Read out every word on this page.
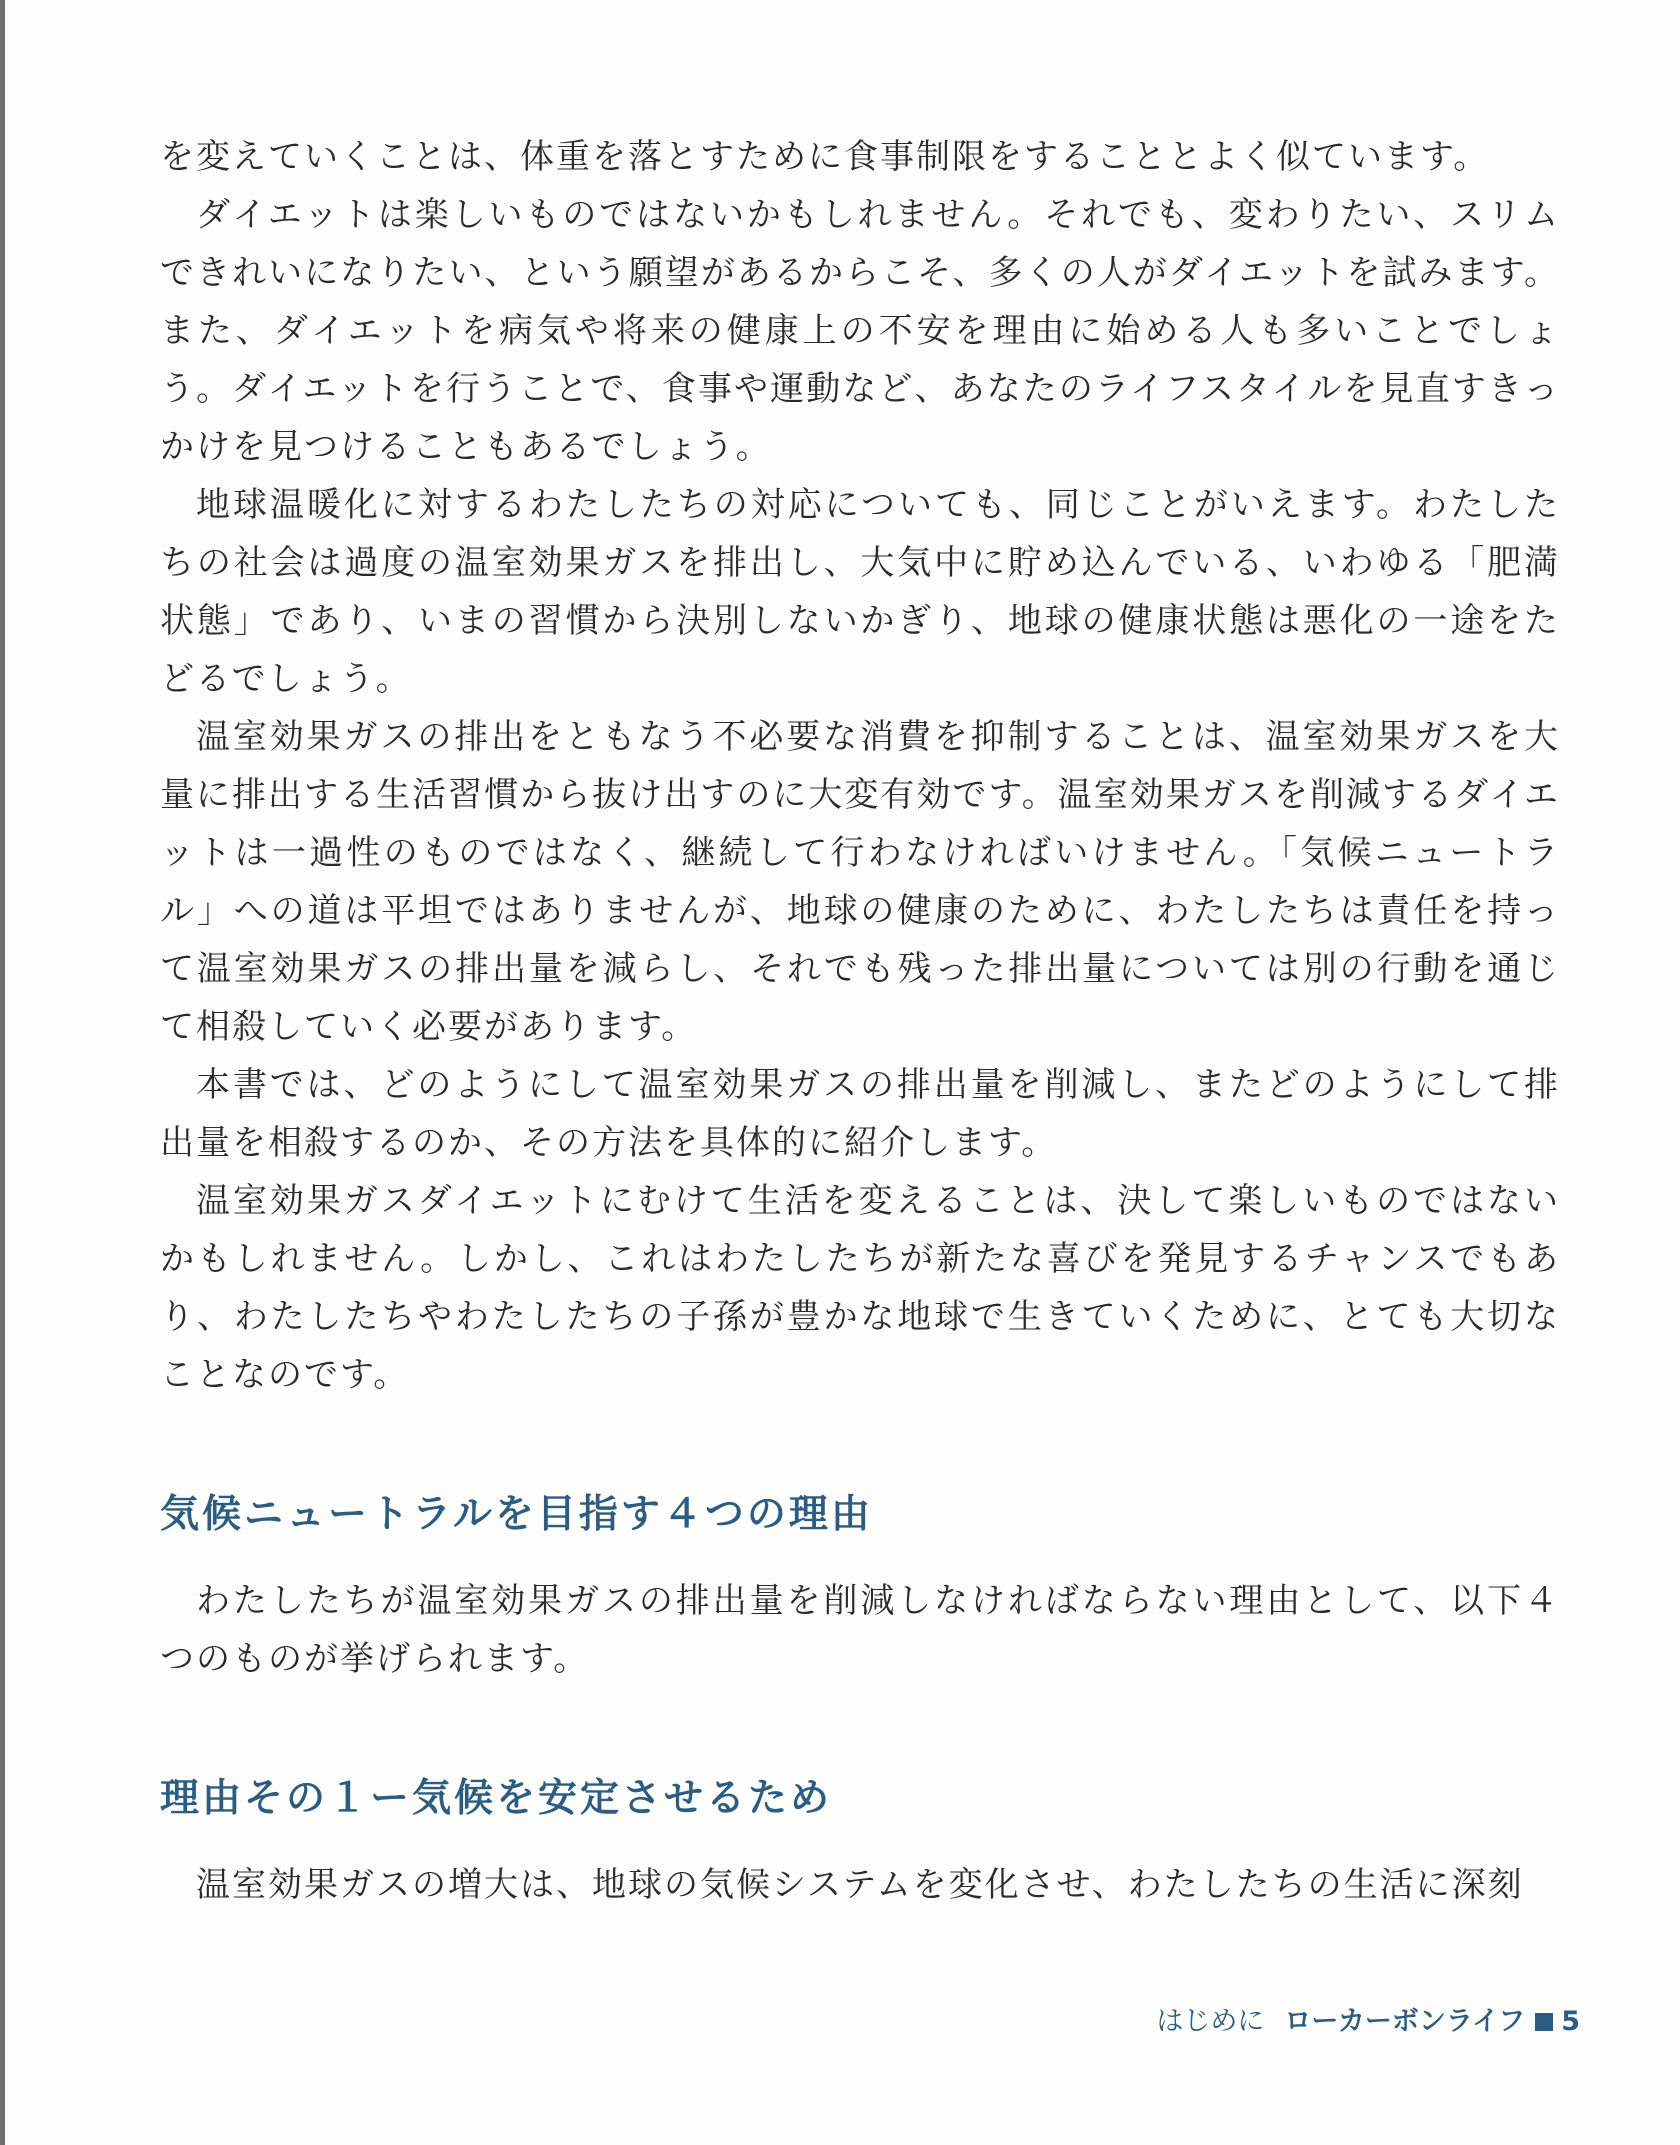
を変えていくことは、体重を落とすために食事制限をすることとよく似ています。

ダイエットは楽しいものではないかもしれません。それでも、変わりたい、スリムできれいになりたい、という願望があるからこそ、多くの人がダイエットを試みます。また、ダイエットを病気や将来の健康上の不安を理由に始める人も多いことでしょう。ダイエットを行うことで、食事や運動など、あなたのライフスタイルを見直すきっかけを見つけることもあるでしょう。

地球温暖化に対するわたしたちの対応についても、同じことがいえます。わたしたちの社会は過度の温室効果ガスを排出し、大気中に貯め込んでいる、いわゆる「肥満状態」であり、いまの習慣から決別しないかぎり、地球の健康状態は悪化の一途をたどるでしょう。

温室効果ガスの排出をともなう不必要な消費を抑制することは、温室効果ガスを大量に排出する生活習慣から抜け出すのに大変有効です。温室効果ガスを削減するダイエットは一過性のものではなく、継続して行わなければいけません。「気候ニュートラル」への道は平坦ではありませんが、地球の健康のために、わたしたちは責任を持って温室効果ガスの排出量を減らし、それでも残った排出量については別の行動を通じて相殺していく必要があります。

本書では、どのようにして温室効果ガスの排出量を削減し、またどのようにして排出量を相殺するのか、その方法を具体的に紹介します。

温室効果ガスダイエットにむけて生活を変えることは、決して楽しいものではないかもしれません。しかし、これはわたしたちが新たな喜びを発見するチャンスでもあり、わたしたちやわたしたちの子孫が豊かな地球で生きていくために、とても大切なことなのです。

気候ニュートラルを目指す４つの理由

わたしたちが温室効果ガスの排出量を削減しなければならない理由として、以下４つのものが挙げられます。

理由その１ー気候を安定させるため

温室効果ガスの増大は、地球の気候システムを変化させ、わたしたちの生活に深刻

はじめに ローカーボンライフ 5
